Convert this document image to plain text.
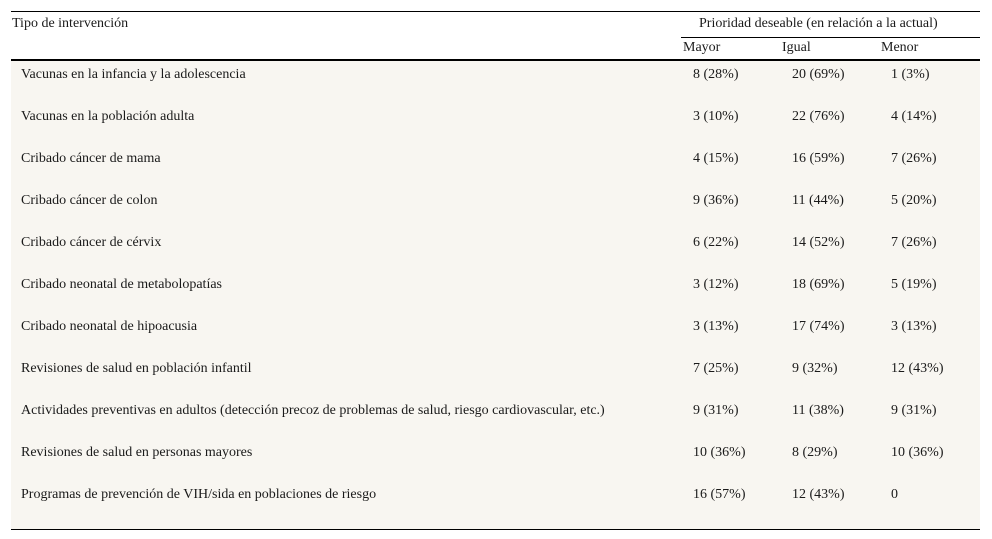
Tipo de intervención	Prioridad deseable (en relación a la actual)
Mayor	Igual	Menor
Vacunas en la infancia y la adolescencia	8 (28%)	20 (69%)	1 (3%)
Vacunas en la población adulta	3 (10%)	22 (76%)	4 (14%)
Cribado cáncer de mama	4 (15%)	16 (59%)	7 (26%)
Cribado cáncer de colon	9 (36%)	11 (44%)	5 (20%)
Cribado cáncer de cérvix	6 (22%)	14 (52%)	7 (26%)
Cribado neonatal de metabolopatías	3 (12%)	18 (69%)	5 (19%)
Cribado neonatal de hipoacusia	3 (13%)	17 (74%)	3 (13%)
Revisiones de salud en población infantil	7 (25%)	9 (32%)	12 (43%)
Actividades preventivas en adultos (detección precoz de problemas de salud, riesgo cardiovascular, etc.)	9 (31%)	11 (38%)	9 (31%)
Revisiones de salud en personas mayores	10 (36%)	8 (29%)	10 (36%)
Programas de prevención de VIH/sida en poblaciones de riesgo	16 (57%)	12 (43%)	0
